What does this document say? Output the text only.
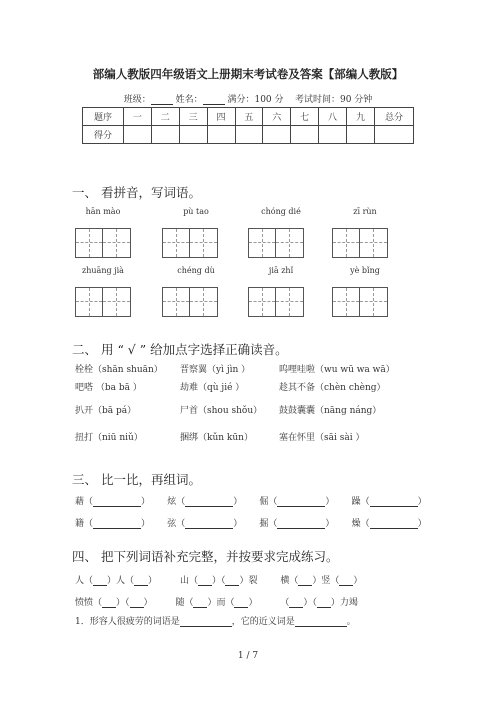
部编人教版四年级语文上册期末考试卷及答案【部编人教版】
班级：	姓名：	满分：100 分 考试时间：90 分钟
题序	一	二	三	四	五	六	七	八	九	总分
得分										
一、 看拼音，写词语。
hān mào	pù tao	chóng dié	zī rùn
zhuāng jià	chéng dù	jiā zhǐ	yè bǐng
二、 用 “ √ ” 给加点字选择正确读音。
栓栓（shān shuān） 晋察翼（yì jìn ）	呜哩哇啦（wu wū wa wā）
吧嗒 （ba bā ）	劫难（qù jié ）	趁其不备（chèn chèng）
扒开（bā pá）	尸首（shou shǒu） 鼓鼓囊囊（nāng náng）
扭打（niū niǔ）	捆绑（kǔn kūn）	塞在怀里（sāi sài ）
三、 比一比，再组词。
藉（	） 炫（	） 倔（	） 躁（	）
籍（	） 弦（	） 掘（	） 燥（	）
四、 把下列词语补充完整，并按要求完成练习。
人（ ）人（ ）	山（ ）（ ）裂	横（ ）竖（ ）
愤愤（ ）（ ）	随（ ）而（ ）	（ ）（ ）力竭
1．形容人很疲劳的词语是	，它的近义词是	。
1 / 7
